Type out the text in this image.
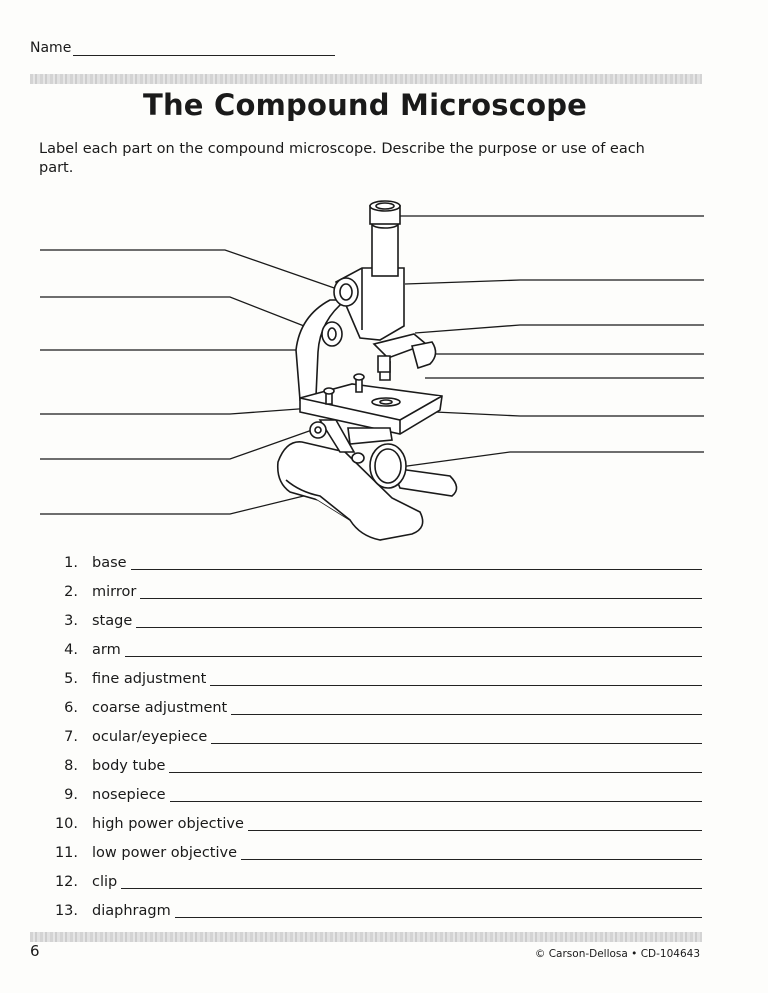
Name
The Compound Microscope
Label each part on the compound microscope. Describe the purpose or use of each part.
1. base
2. mirror
3. stage
4. arm
5. fine adjustment
6. coarse adjustment
7. ocular/eyepiece
8. body tube
9. nosepiece
10. high power objective
11. low power objective
12. clip
13. diaphragm
6	© Carson-Dellosa • CD-104643
